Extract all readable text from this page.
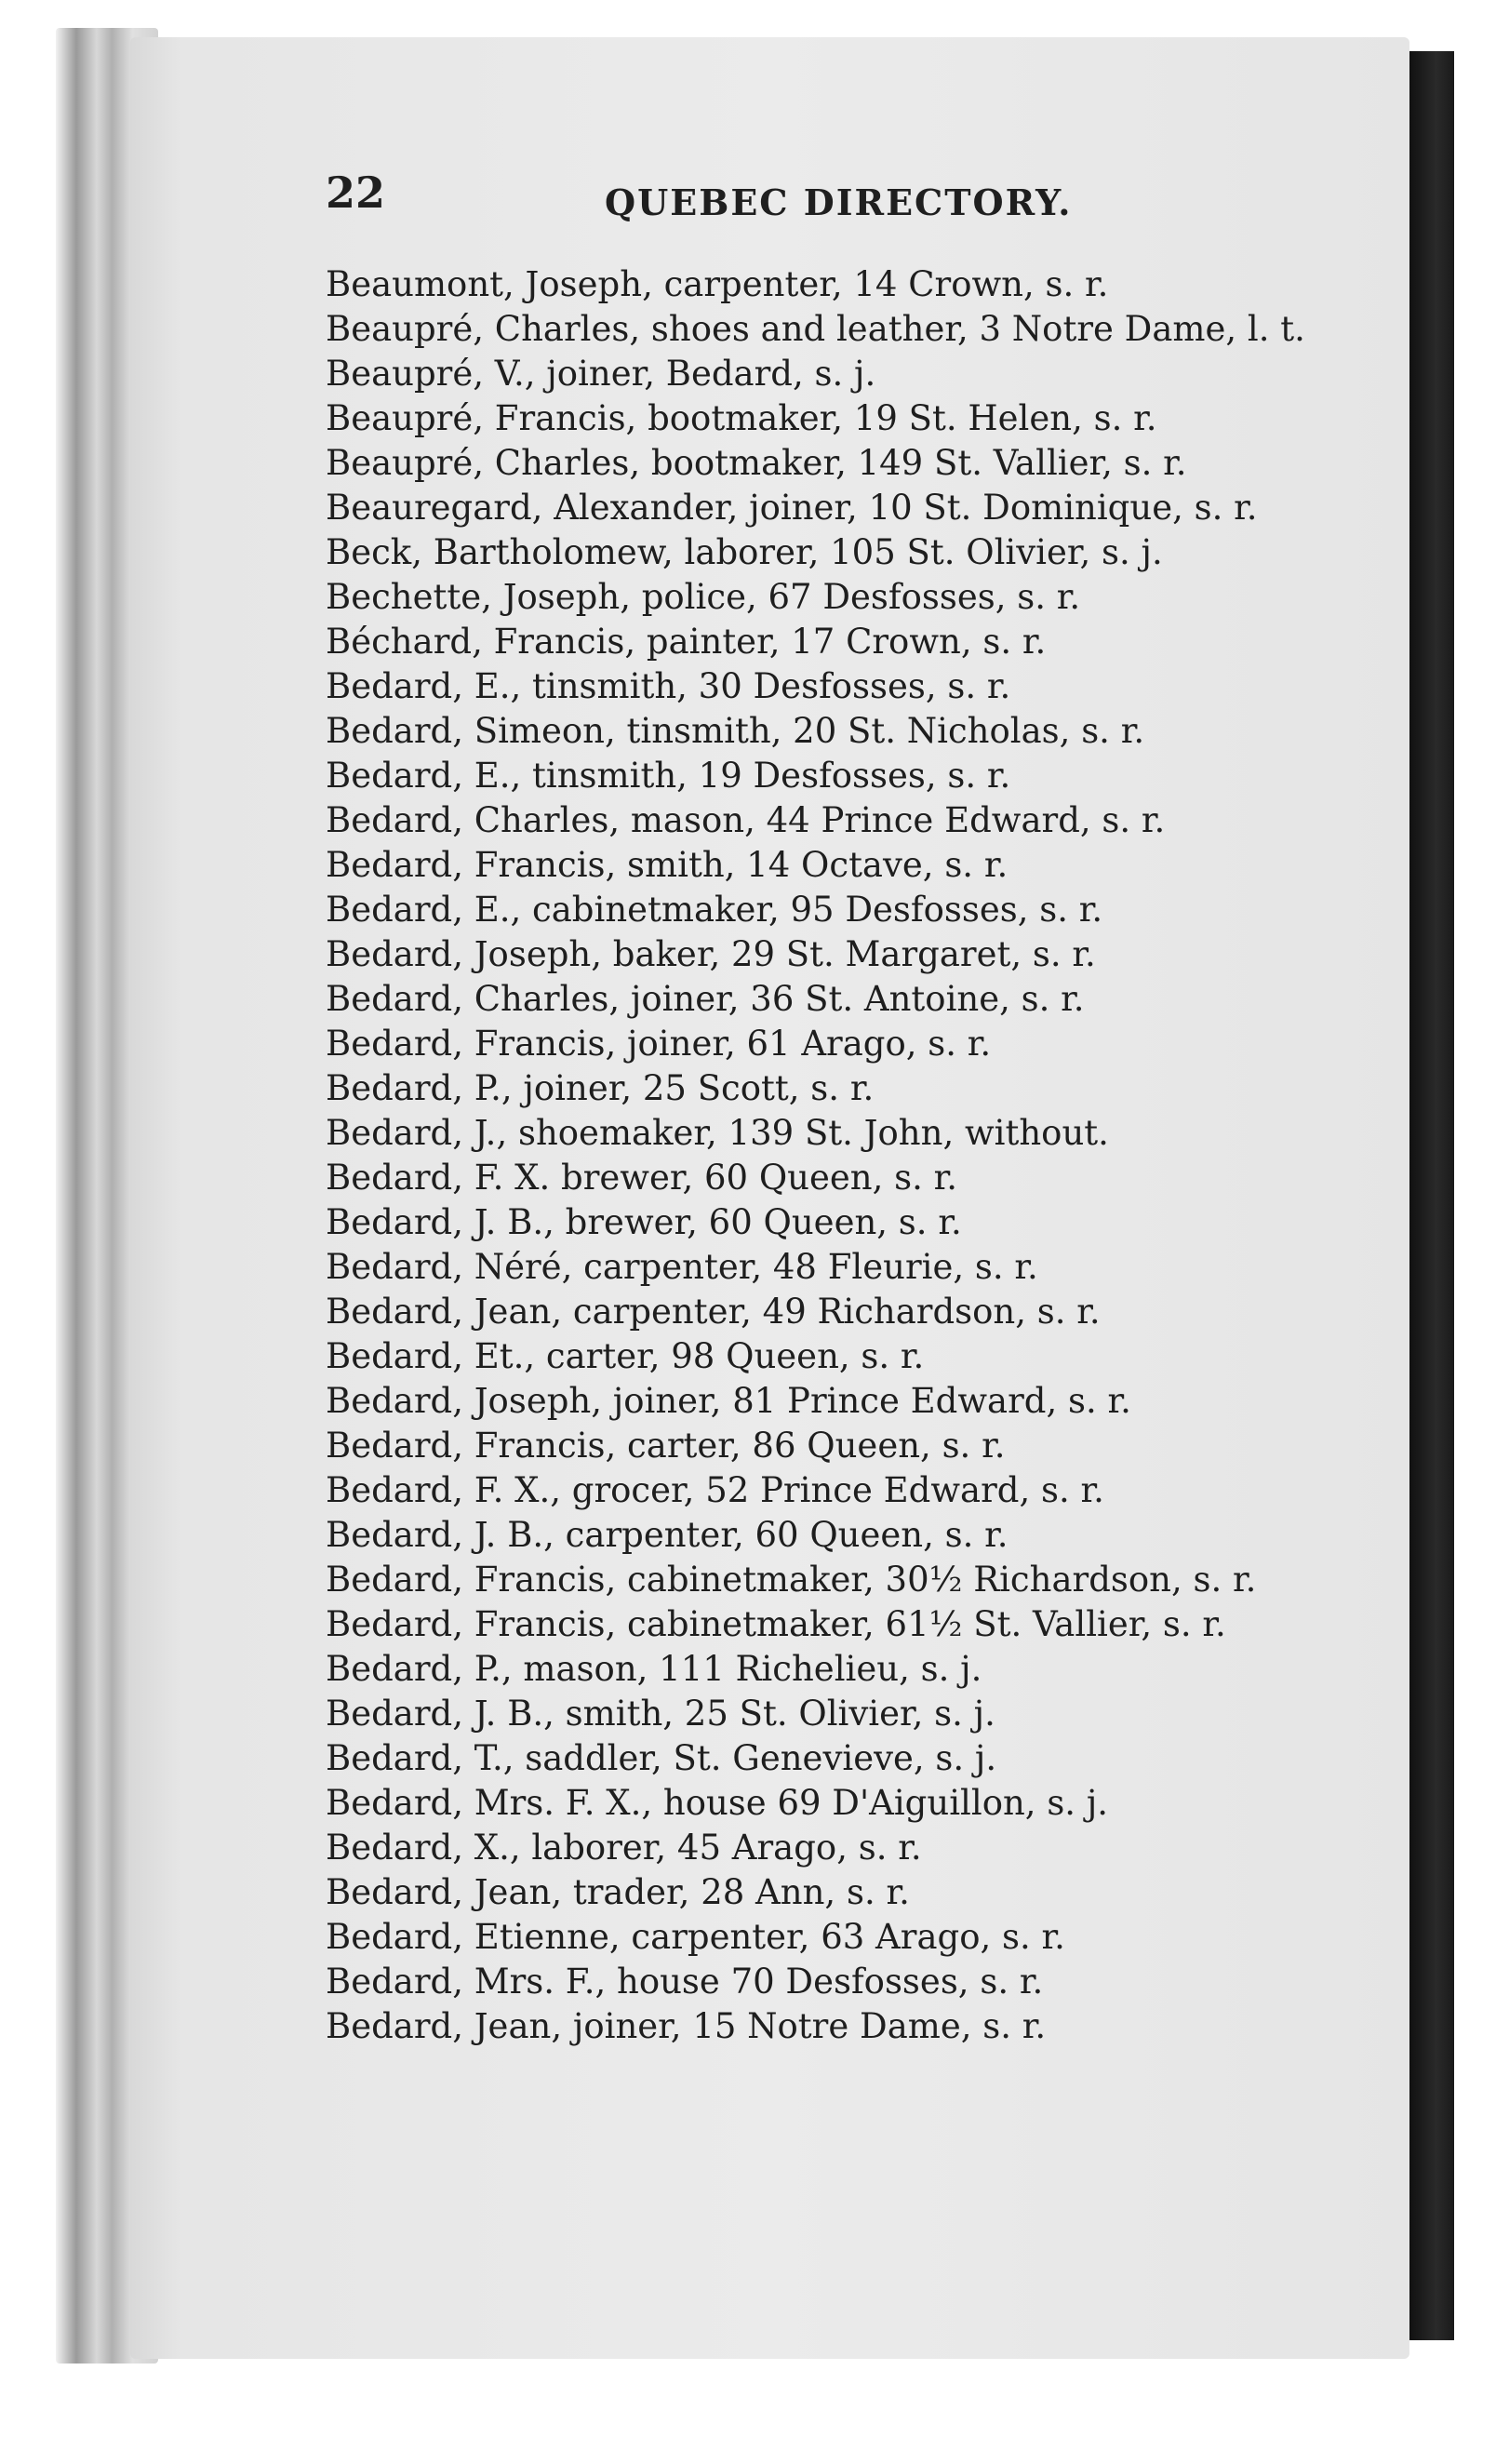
22	QUEBEC DIRECTORY.

Beaumont, Joseph, carpenter, 14 Crown, s. r.
Beaupré, Charles, shoes and leather, 3 Notre Dame, l. t.
Beaupré, V., joiner, Bedard, s. j.
Beaupré, Francis, bootmaker, 19 St. Helen, s. r.
Beaupré, Charles, bootmaker, 149 St. Vallier, s. r.
Beauregard, Alexander, joiner, 10 St. Dominique, s. r.
Beck, Bartholomew, laborer, 105 St. Olivier, s. j.
Bechette, Joseph, police, 67 Desfosses, s. r.
Béchard, Francis, painter, 17 Crown, s. r.
Bedard, E., tinsmith, 30 Desfosses, s. r.
Bedard, Simeon, tinsmith, 20 St. Nicholas, s. r.
Bedard, E., tinsmith, 19 Desfosses, s. r.
Bedard, Charles, mason, 44 Prince Edward, s. r.
Bedard, Francis, smith, 14 Octave, s. r.
Bedard, E., cabinetmaker, 95 Desfosses, s. r.
Bedard, Joseph, baker, 29 St. Margaret, s. r.
Bedard, Charles, joiner, 36 St. Antoine, s. r.
Bedard, Francis, joiner, 61 Arago, s. r.
Bedard, P., joiner, 25 Scott, s. r.
Bedard, J., shoemaker, 139 St. John, without.
Bedard, F. X. brewer, 60 Queen, s. r.
Bedard, J. B., brewer, 60 Queen, s. r.
Bedard, Néré, carpenter, 48 Fleurie, s. r.
Bedard, Jean, carpenter, 49 Richardson, s. r.
Bedard, Et., carter, 98 Queen, s. r.
Bedard, Joseph, joiner, 81 Prince Edward, s. r.
Bedard, Francis, carter, 86 Queen, s. r.
Bedard, F. X., grocer, 52 Prince Edward, s. r.
Bedard, J. B., carpenter, 60 Queen, s. r.
Bedard, Francis, cabinetmaker, 30½ Richardson, s. r.
Bedard, Francis, cabinetmaker, 61½ St. Vallier, s. r.
Bedard, P., mason, 111 Richelieu, s. j.
Bedard, J. B., smith, 25 St. Olivier, s. j.
Bedard, T., saddler, St. Genevieve, s. j.
Bedard, Mrs. F. X., house 69 D'Aiguillon, s. j.
Bedard, X., laborer, 45 Arago, s. r.
Bedard, Jean, trader, 28 Ann, s. r.
Bedard, Etienne, carpenter, 63 Arago, s. r.
Bedard, Mrs. F., house 70 Desfosses, s. r.
Bedard, Jean, joiner, 15 Notre Dame, s. r.
